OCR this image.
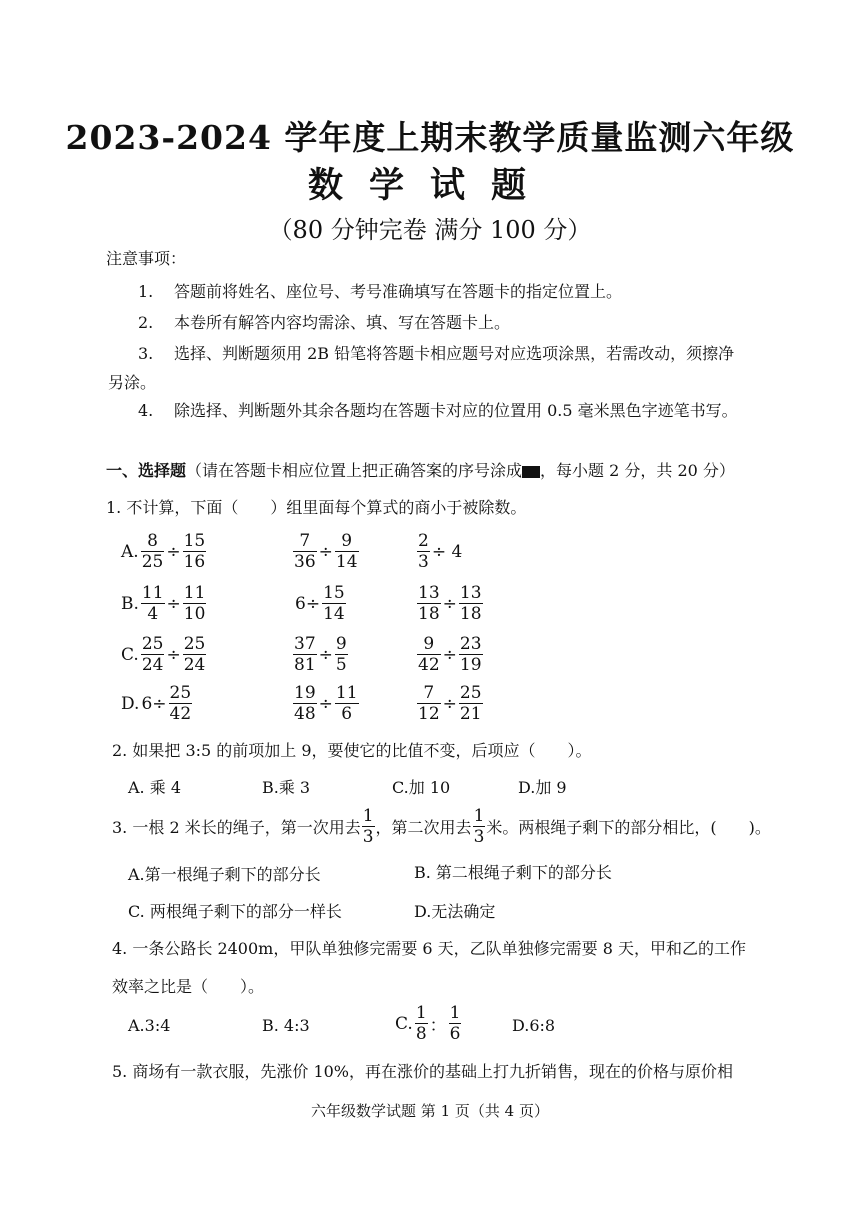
2023-2024 学年度上期末教学质量监测六年级
数学试题
（80 分钟完卷 满分 100 分）
注意事项：
1. 答题前将姓名、座位号、考号准确填写在答题卡的指定位置上。
2. 本卷所有解答内容均需涂、填、写在答题卡上。
3. 选择、判断题须用 2B 铅笔将答题卡相应题号对应选项涂黑，若需改动，须擦净
另涂。
4. 除选择、判断题外其余各题均在答题卡对应的位置用 0.5 毫米黑色字迹笔书写。
一、选择题（请在答题卡相应位置上把正确答案的序号涂成 ，每小题 2 分，共 20 分）
1. 不计算，下面（　　）组里面每个算式的商小于被除数。
A. $\frac{8}{25} \div \frac{15}{16}$	$\frac{7}{36} \div \frac{9}{14}$	$\frac{2}{3} \div 4$
B. $\frac{11}{4} \div \frac{11}{10}$	$6\div \frac{15}{14}$	$\frac{13}{18} \div \frac{13}{18}$
C. $\frac{25}{24} \div \frac{25}{24}$	$\frac{37}{81} \div \frac{9}{5}$	$\frac{9}{42} \div \frac{23}{19}$
D. $6\div \frac{25}{42}$	$\frac{19}{48} \div \frac{11}{6}$	$\frac{7}{12} \div \frac{25}{21}$
2. 如果把 3:5 的前项加上 9，要使它的比值不变，后项应（　　）。
A. 乘 4	B.乘 3	C.加 10	D.加 9
3. 一根 2 米长的绳子，第一次用去 $\frac{1}{3}$ ，第二次用去 $\frac{1}{3}$ 米。两根绳子剩下的部分相比，(　　)。
A.第一根绳子剩下的部分长	B. 第二根绳子剩下的部分长
C. 两根绳子剩下的部分一样长	D.无法确定
4. 一条公路长 2400m，甲队单独修完需要 6 天，乙队单独修完需要 8 天，甲和乙的工作
效率之比是（　　）。
A.3:4	B. 4:3	C. $\frac{1}{8}$ ： $\frac{1}{6}$	D.6:8
5. 商场有一款衣服，先涨价 10%，再在涨价的基础上打九折销售，现在的价格与原价相
六年级数学试题 第 1 页（共 4 页）
